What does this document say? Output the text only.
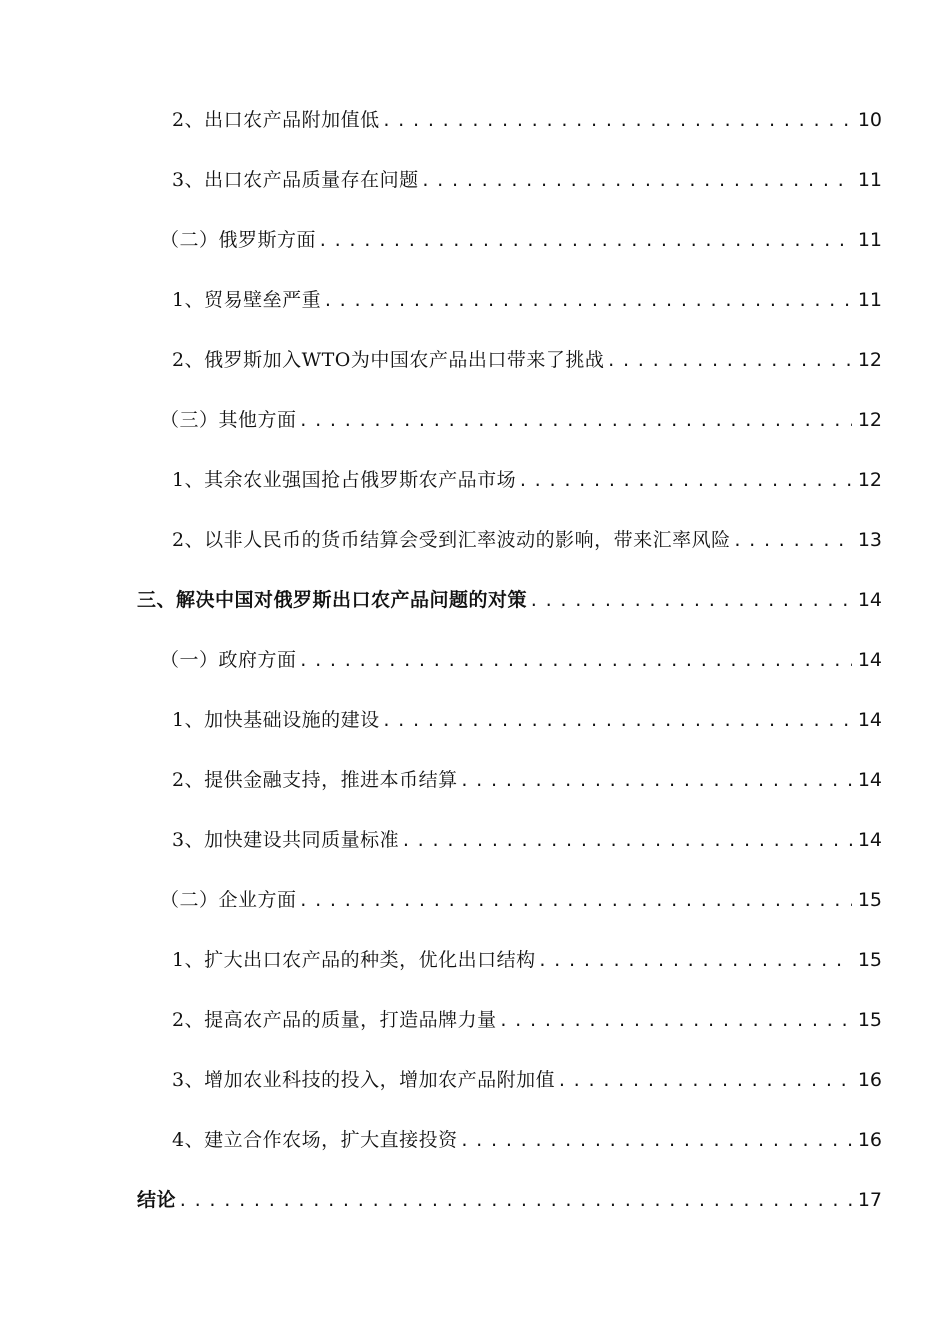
2、出口农产品附加值低 .....	10
3、出口农产品质量存在问题 .....	11
（二）俄罗斯方面 .....	11
1、贸易壁垒严重 .....	11
2、俄罗斯加入WTO为中国农产品出口带来了挑战 .....	12
（三）其他方面 .....	12
1、其余农业强国抢占俄罗斯农产品市场 .....	12
2、以非人民币的货币结算会受到汇率波动的影响，带来汇率风险 .....	13
三、解决中国对俄罗斯出口农产品问题的对策 .....	14
（一）政府方面 .....	14
1、加快基础设施的建设 .....	14
2、提供金融支持，推进本币结算 .....	14
3、加快建设共同质量标准 .....	14
（二）企业方面 .....	15
1、扩大出口农产品的种类，优化出口结构 .....	15
2、提高农产品的质量，打造品牌力量 .....	15
3、增加农业科技的投入，增加农产品附加值 .....	16
4、建立合作农场，扩大直接投资 .....	16
结论 .....	17
